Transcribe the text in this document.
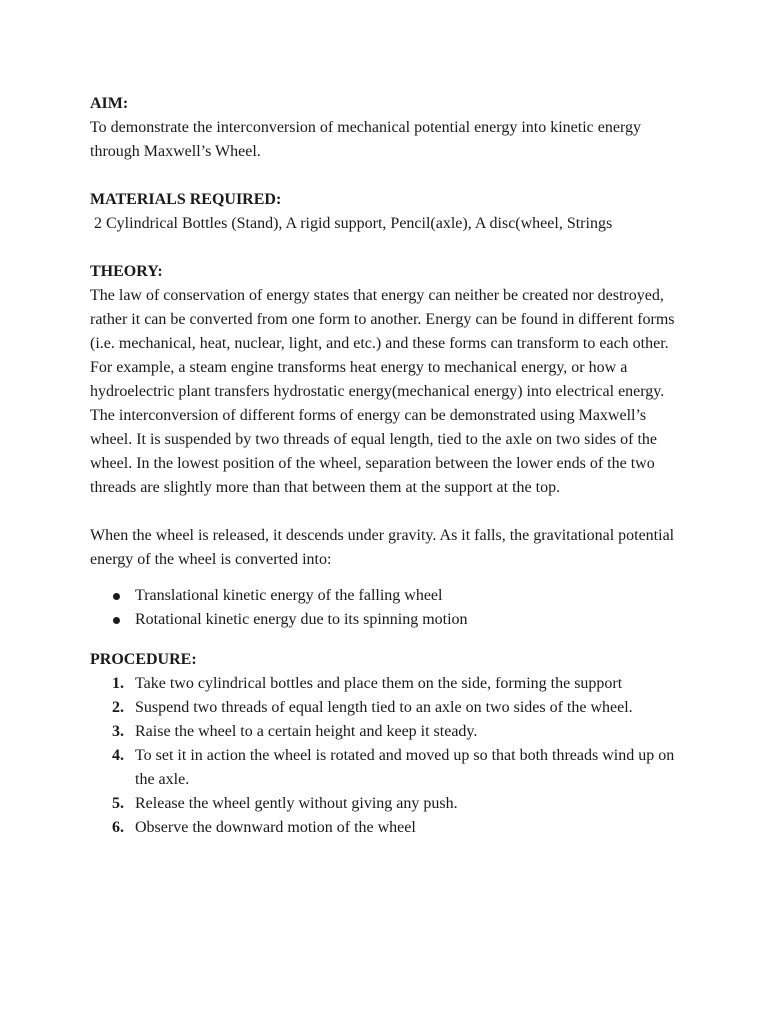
AIM:

To demonstrate the interconversion of mechanical potential energy into kinetic energy through Maxwell’s Wheel.

MATERIALS REQUIRED:

2 Cylindrical Bottles (Stand), A rigid support, Pencil(axle), A disc(wheel, Strings

THEORY:

The law of conservation of energy states that energy can neither be created nor destroyed, rather it can be converted from one form to another. Energy can be found in different forms (i.e. mechanical, heat, nuclear, light, and etc.) and these forms can transform to each other. For example, a steam engine transforms heat energy to mechanical energy, or how a hydroelectric plant transfers hydrostatic energy(mechanical energy) into electrical energy. The interconversion of different forms of energy can be demonstrated using Maxwell’s wheel. It is suspended by two threads of equal length, tied to the axle on two sides of the wheel. In the lowest position of the wheel, separation between the lower ends of the two threads are slightly more than that between them at the support at the top.

When the wheel is released, it descends under gravity. As it falls, the gravitational potential energy of the wheel is converted into:

Translational kinetic energy of the falling wheel
Rotational kinetic energy due to its spinning motion

PROCEDURE:

1. Take two cylindrical bottles and place them on the side, forming the support
2. Suspend two threads of equal length tied to an axle on two sides of the wheel.
3. Raise the wheel to a certain height and keep it steady.
4. To set it in action the wheel is rotated and moved up so that both threads wind up on the axle.
5. Release the wheel gently without giving any push.
6. Observe the downward motion of the wheel
